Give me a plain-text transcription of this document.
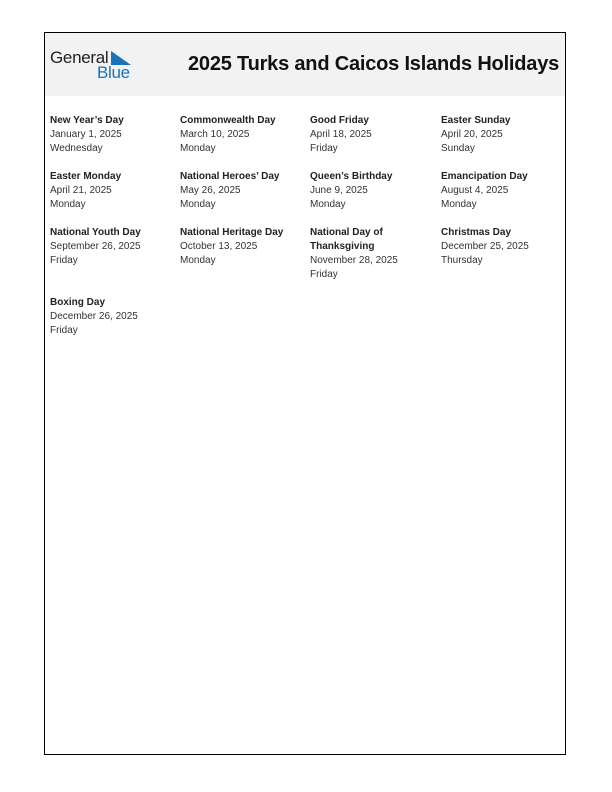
General
Blue	2025 Turks and Caicos Islands Holidays
New Year’s Day
January 1, 2025
Wednesday
Commonwealth Day
March 10, 2025
Monday
Good Friday
April 18, 2025
Friday
Easter Sunday
April 20, 2025
Sunday
Easter Monday
April 21, 2025
Monday
National Heroes’ Day
May 26, 2025
Monday
Queen’s Birthday
June 9, 2025
Monday
Emancipation Day
August 4, 2025
Monday
National Youth Day
September 26, 2025
Friday
National Heritage Day
October 13, 2025
Monday
National Day of Thanksgiving
November 28, 2025
Friday
Christmas Day
December 25, 2025
Thursday
Boxing Day
December 26, 2025
Friday
